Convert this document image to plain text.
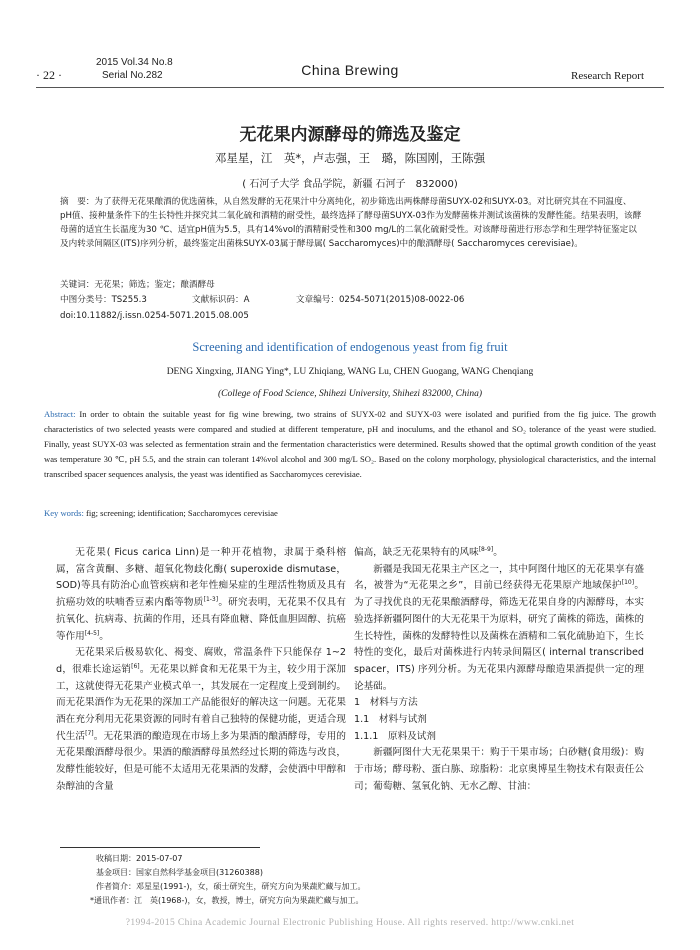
2015 Vol.34 No.8
Serial No.282
· 22 ·	China Brewing	Research Report
无花果内源酵母的筛选及鉴定
邓星星，江　英*，卢志强，王　璐，陈国刚，王陈强
( 石河子大学 食品学院，新疆 石河子　832000)
摘　要：为了获得无花果酿酒的优选菌株，从自然发酵的无花果汁中分离纯化，初步筛选出两株酵母菌SUYX-02和SUYX-03。对比研究其在不同温度、pH值、接种量条件下的生长特性并探究其二氧化硫和酒精的耐受性，最终选择了酵母菌SUYX-03作为发酵菌株并测试该菌株的发酵性能。结果表明，该酵母菌的适宜生长温度为30 ℃、适宜pH值为5.5，具有14%vol的酒精耐受性和300 mg/L的二氧化硫耐受性。对该酵母菌进行形态学和生理学特征鉴定以及内转录间隔区(ITS)序列分析，最终鉴定出菌株SUYX-03属于酵母属( Saccharomyces)中的酿酒酵母( Saccharomyces cerevisiae)。
关键词：无花果；筛选；鉴定；酿酒酵母
中图分类号：TS255.3	文献标识码：A	文章编号：0254-5071(2015)08-0022-06
doi:10.11882/j.issn.0254-5071.2015.08.005
Screening and identification of endogenous yeast from fig fruit
DENG Xingxing, JIANG Ying*, LU Zhiqiang, WANG Lu, CHEN Guogang, WANG Chenqiang
(College of Food Science, Shihezi University, Shihezi 832000, China)
Abstract: In order to obtain the suitable yeast for fig wine brewing, two strains of SUYX-02 and SUYX-03 were isolated and purified from the fig juice. The growth characteristics of two selected yeasts were compared and studied at different temperature, pH and inoculums, and the ethanol and SO₂ tolerance of the yeast were studied. Finally, yeast SUYX-03 was selected as fermentation strain and the fermentation characteristics were determined. Results showed that the optimal growth condition of the yeast was temperature 30 ℃, pH 5.5, and the strain can tolerant 14%vol alcohol and 300 mg/L SO₂. Based on the colony morphology, physiological characteristics, and the internal transcribed spacer sequences analysis, the yeast was identified as Saccharomyces cerevisiae.
Key words: fig; screening; identification; Saccharomyces cerevisiae

无花果( Ficus carica Linn)是一种开花植物，隶属于桑科榕属，富含黄酮、多糖、超氧化物歧化酶( superoxide dismutase，SOD)等具有防治心血管疾病和老年性痴呆症的生理活性物质及具有抗癌功效的呋喃香豆素内酯等物质[1-3]。研究表明，无花果不仅具有抗氧化、抗病毒、抗菌的作用，还具有降血糖、降低血胆固醇、抗癌等作用[4-5]。

无花果采后极易软化、褐变、腐败，常温条件下只能保存 1~2 d，很难长途运销[6]。无花果以鲜食和无花果干为主，较少用于深加工，这就使得无花果产业模式单一，其发展在一定程度上受到制约。而无花果酒作为无花果的深加工产品能很好的解决这一问题。无花果酒在充分利用无花果资源的同时有着自己独特的保健功能，更适合现代生活[7]。无花果酒的酿造现在市场上多为果酒的酿酒酵母，专用的无花果酿酒酵母很少。果酒的酿酒酵母虽然经过长期的筛选与改良，发酵性能较好，但是可能不太适用无花果酒的发酵，会使酒中甲醇和杂醇油的含量

偏高，缺乏无花果特有的风味[8-9]。

新疆是我国无花果主产区之一，其中阿图什地区的无花果享有盛名，被誉为“无花果之乡”，目前已经获得无花果原产地域保护[10]。为了寻找优良的无花果酿酒酵母，筛选无花果自身的内源酵母，本实验选择新疆阿图什的大无花果干为原料，研究了菌株的筛选，菌株的生长特性，菌株的发酵特性以及菌株在酒精和二氧化硫胁迫下，生长特性的变化，最后对菌株进行内转录间隔区( internal transcribed spacer，ITS) 序列分析。为无花果内源酵母酿造果酒提供一定的理论基础。

1　材料与方法

1.1　材料与试剂

1.1.1　原料及试剂

新疆阿图什大无花果果干：购于干果市场；白砂糖(食用级)：购于市场；酵母粉、蛋白胨、琼脂粉：北京奥博星生物技术有限责任公司；葡萄糖、氢氧化钠、无水乙醇、甘油：

收稿日期：2015-07-07
基金项目：国家自然科学基金项目(31260388)
作者简介：邓星星(1991-)，女，硕士研究生，研究方向为果蔬贮藏与加工。
*通讯作者：江　英(1968-)，女，教授，博士，研究方向为果蔬贮藏与加工。
?1994-2015 China Academic Journal Electronic Publishing House. All rights reserved. http://www.cnki.net
